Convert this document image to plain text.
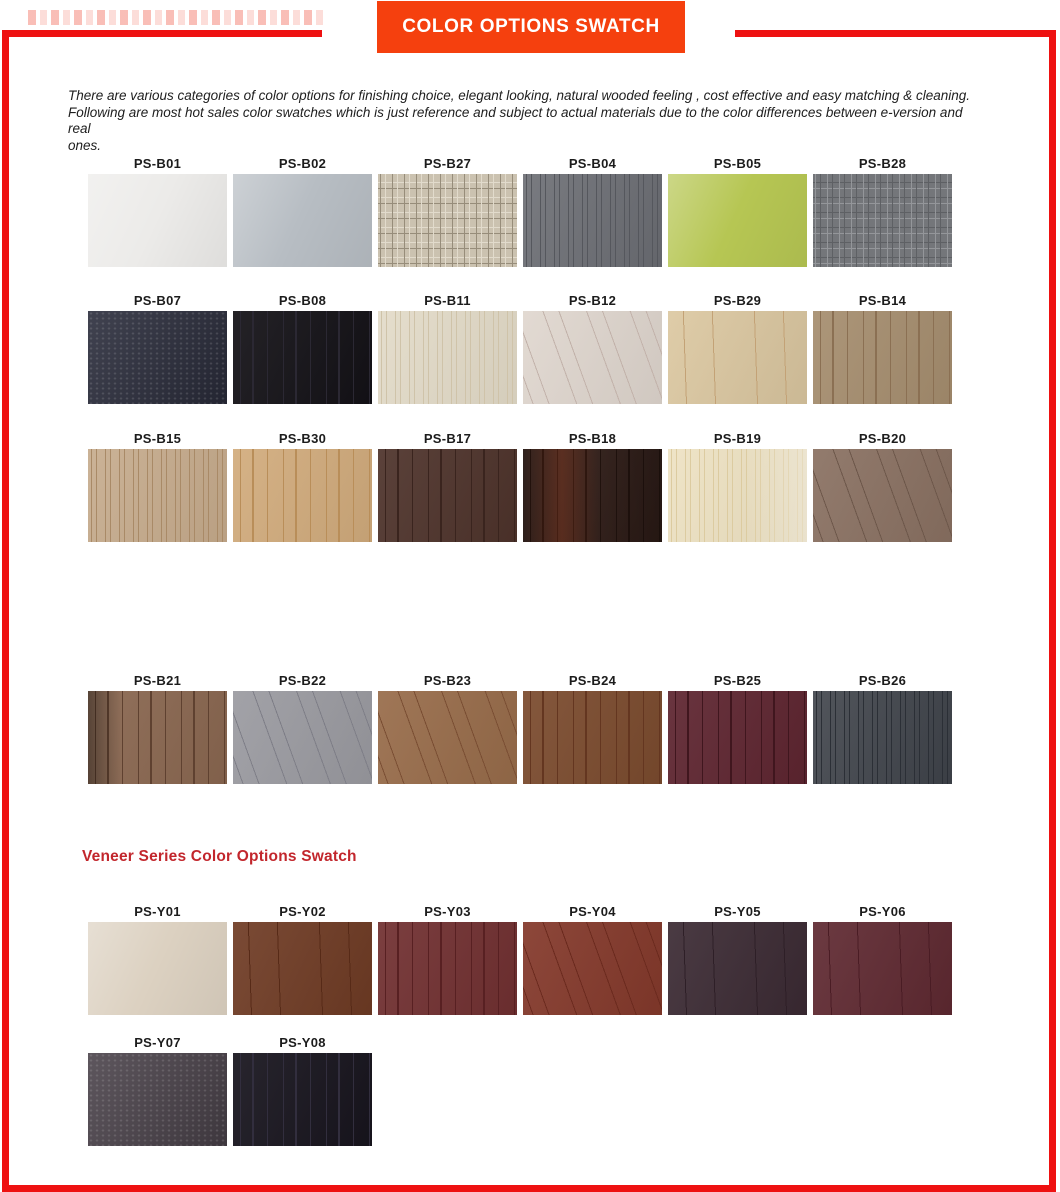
COLOR OPTIONS SWATCH
There are various categories of color options for finishing choice, elegant looking, natural wooded feeling , cost effective and easy matching & cleaning.
Following are most hot sales color swatches which is just reference and subject to actual materials due to the color differences between e-version and real
ones.
Veneer Series Color Options Swatch
PS-B01	PS-B02	PS-B27	PS-B04	PS-B05	PS-B28
PS-B07	PS-B08	PS-B11	PS-B12	PS-B29	PS-B14
PS-B15	PS-B30	PS-B17	PS-B18	PS-B19	PS-B20
PS-B21	PS-B22	PS-B23	PS-B24	PS-B25	PS-B26
PS-Y01	PS-Y02	PS-Y03	PS-Y04	PS-Y05	PS-Y06
PS-Y07	PS-Y08
